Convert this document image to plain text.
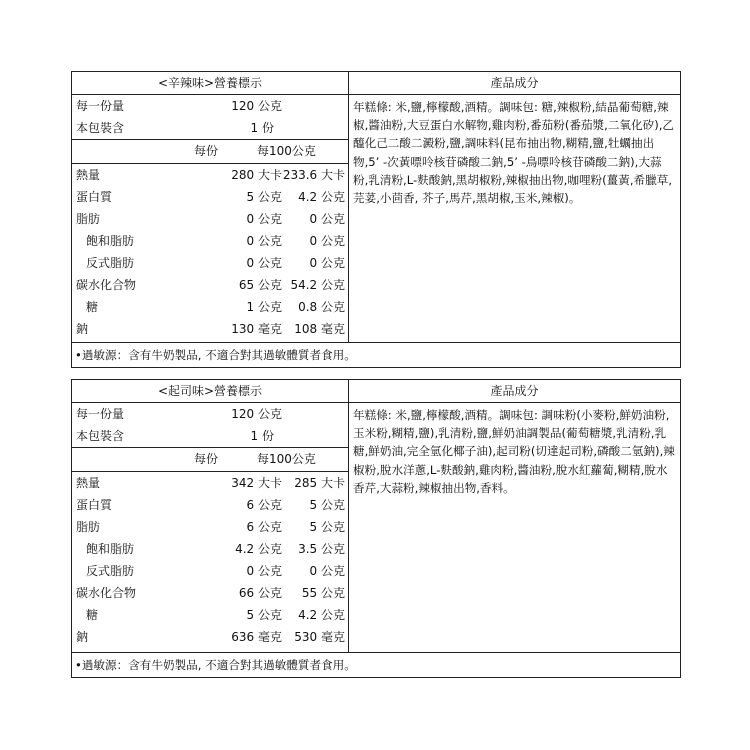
<辛辣味>營養標示
每一份量	120 公克
本包裝含	1 份
每份	每100公克
熱量	280 大卡 233.6 大卡
蛋白質	5 公克 4.2 公克
脂肪	0 公克 0 公克
飽和脂肪	0 公克 0 公克
反式脂肪	0 公克 0 公克
碳水化合物	65 公克 54.2 公克
糖	1 公克 0.8 公克
鈉	130 毫克 108 毫克
產品成分
年糕條: 米,鹽,檸檬酸,酒精。調味包: 糖,辣椒粉,結晶葡萄糖,辣椒,醬油粉,大豆蛋白水解物,雞肉粉,番茄粉(番茄漿,二氧化矽),乙醯化己二酸二澱粉,鹽,調味料(昆布抽出物,糊精,鹽,牡蠣抽出物,5’ -次黃嘌呤核苷磷酸二鈉,5’ -鳥嘌呤核苷磷酸二鈉),大蒜粉,乳清粉,L-麩酸鈉,黑胡椒粉,辣椒抽出物,咖哩粉(薑黃,希臘草,芫荽,小茴香, 芥子,馬芹,黑胡椒,玉米,辣椒)。
•過敏源：含有牛奶製品, 不適合對其過敏體質者食用。
<起司味>營養標示
每一份量	120 公克
本包裝含	1 份
每份	每100公克
熱量	342 大卡 285 大卡
蛋白質	6 公克 5 公克
脂肪	6 公克 5 公克
飽和脂肪	4.2 公克 3.5 公克
反式脂肪	0 公克 0 公克
碳水化合物	66 公克 55 公克
糖	5 公克 4.2 公克
鈉	636 毫克 530 毫克
產品成分
年糕條: 米,鹽,檸檬酸,酒精。調味包: 調味粉(小麥粉,鮮奶油粉,玉米粉,糊精,鹽),乳清粉,鹽,鮮奶油調製品(葡萄糖漿,乳清粉,乳糖,鮮奶油,完全氫化椰子油),起司粉(切達起司粉,磷酸二氫鈉),辣椒粉,脫水洋蔥,L-麩酸鈉,雞肉粉,醬油粉,脫水紅蘿蔔,糊精,脫水香芹,大蒜粉,辣椒抽出物,香料。
•過敏源：含有牛奶製品, 不適合對其過敏體質者食用。
